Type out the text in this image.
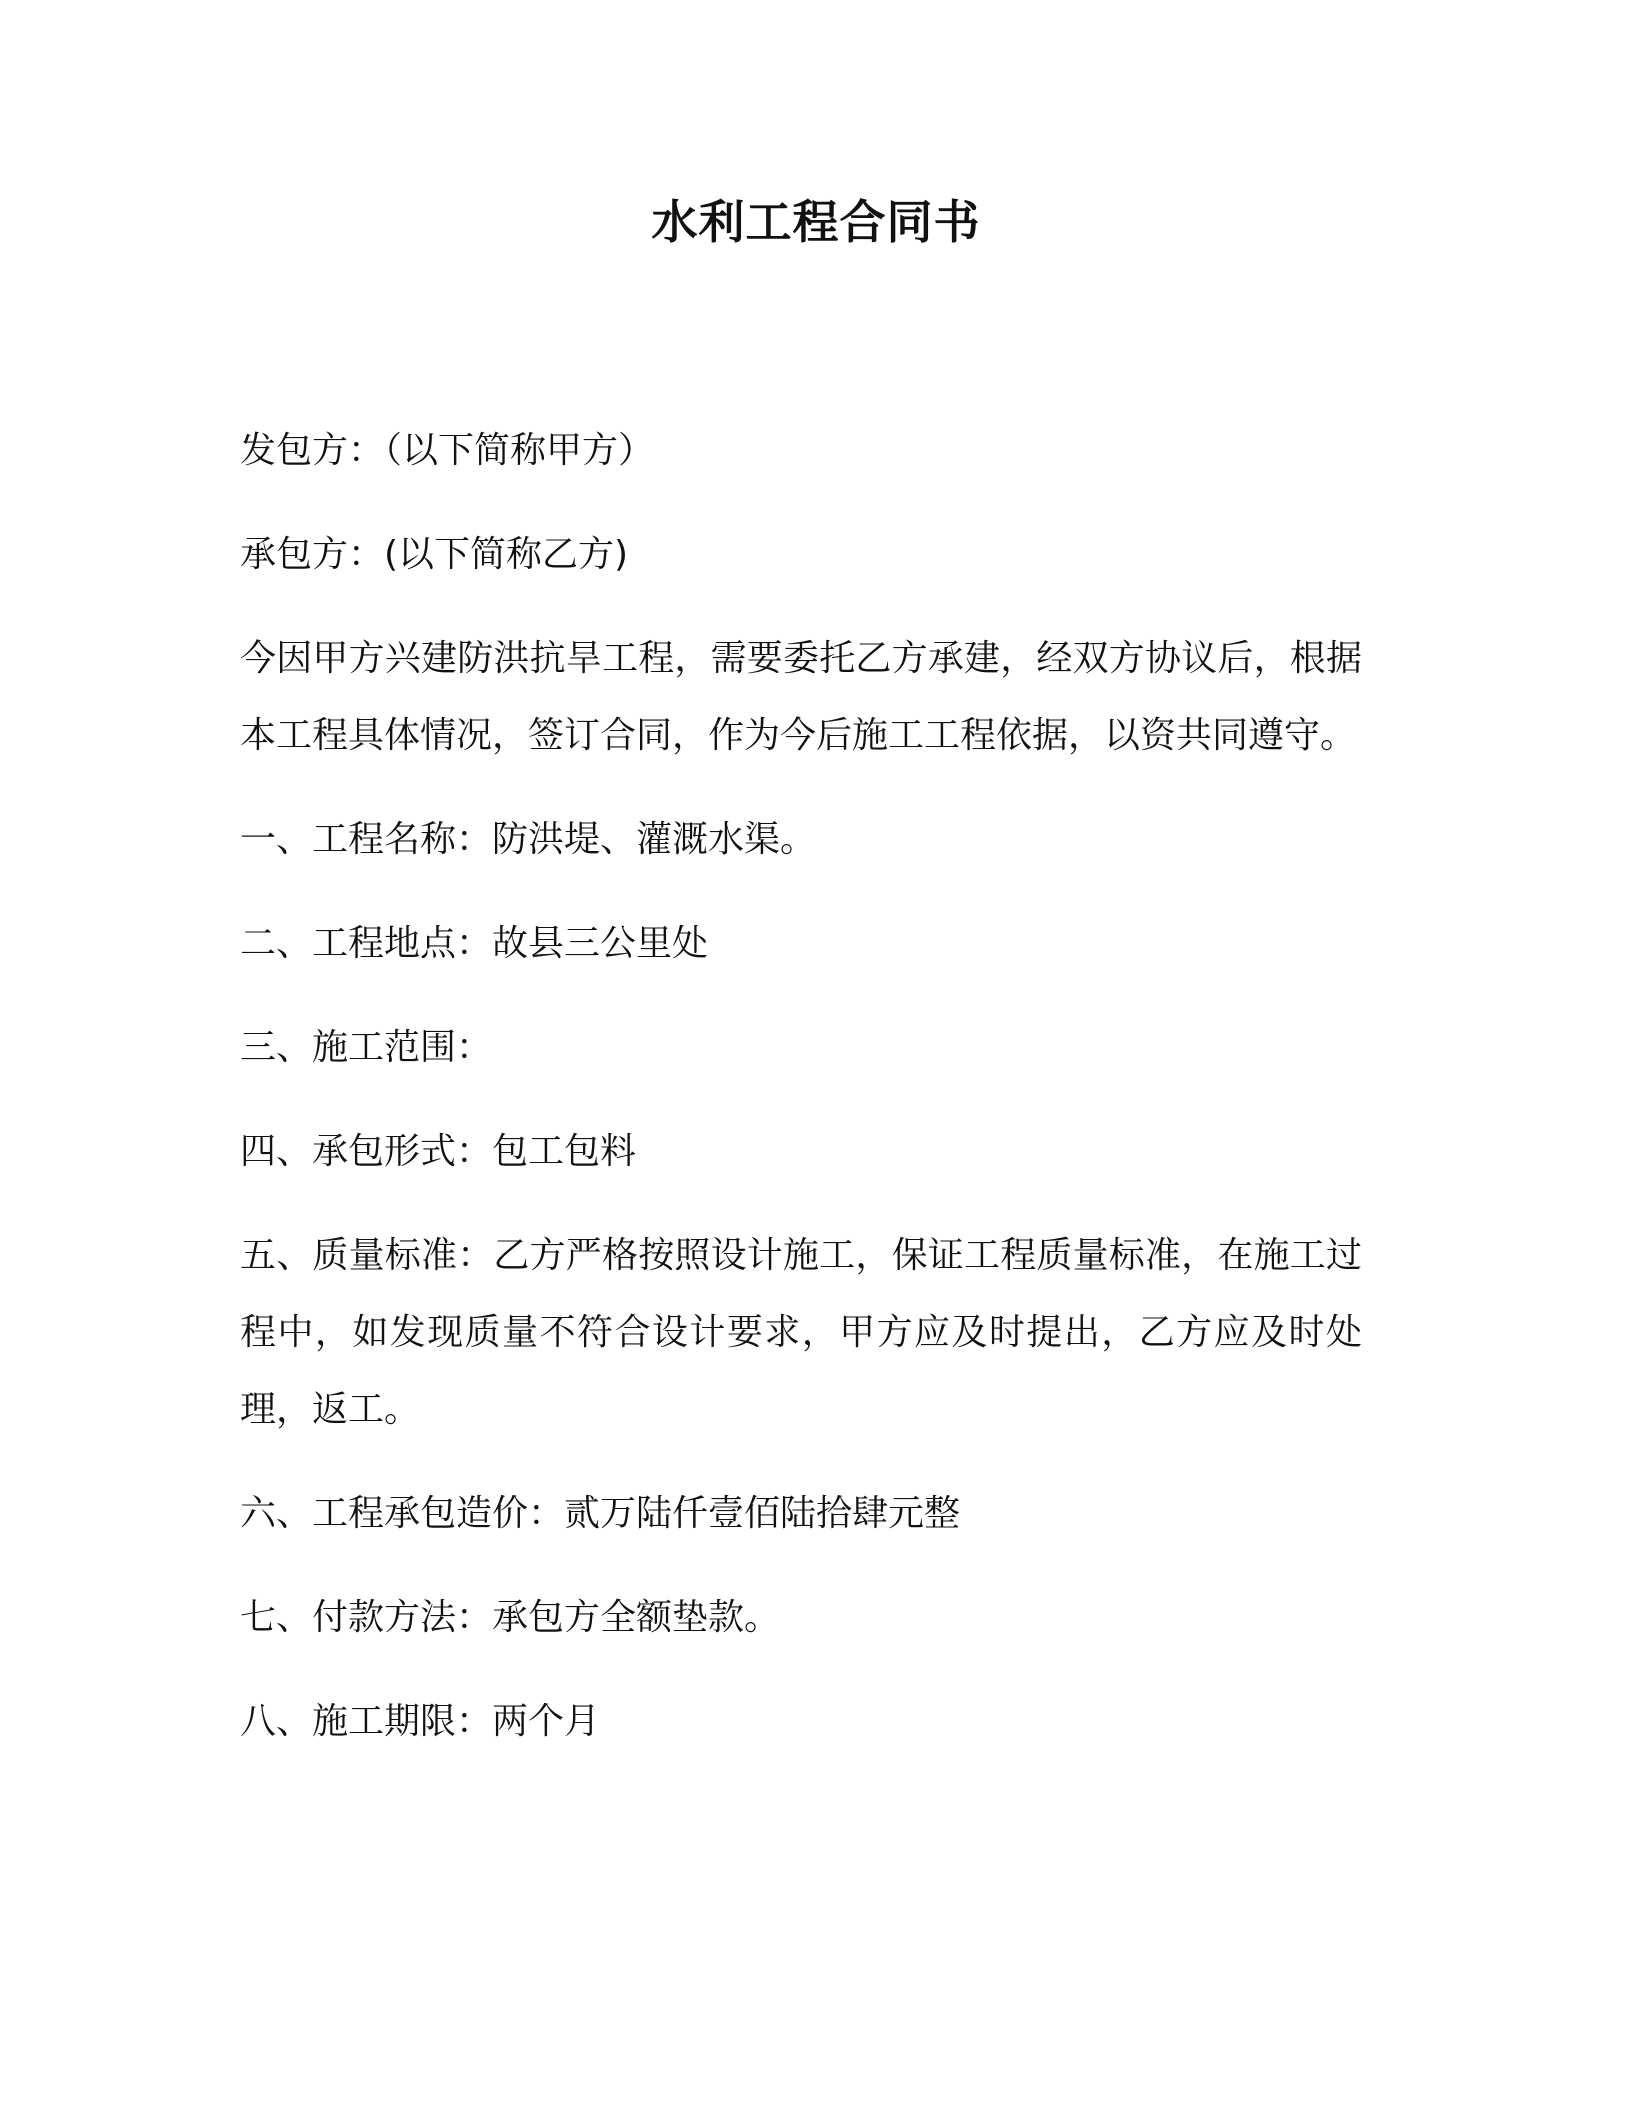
水利工程合同书

发包方：（以下简称甲方）

承包方：(以下简称乙方)

今因甲方兴建防洪抗旱工程，需要委托乙方承建，经双方协议后，根据本工程具体情况，签订合同，作为今后施工工程依据，以资共同遵守。

一、工程名称：防洪堤、灌溉水渠。

二、工程地点：故县三公里处

三、施工范围：

四、承包形式：包工包料

五、质量标准：乙方严格按照设计施工，保证工程质量标准，在施工过程中，如发现质量不符合设计要求，甲方应及时提出，乙方应及时处理，返工。

六、工程承包造价：贰万陆仟壹佰陆拾肆元整

七、付款方法：承包方全额垫款。

八、施工期限：两个月
